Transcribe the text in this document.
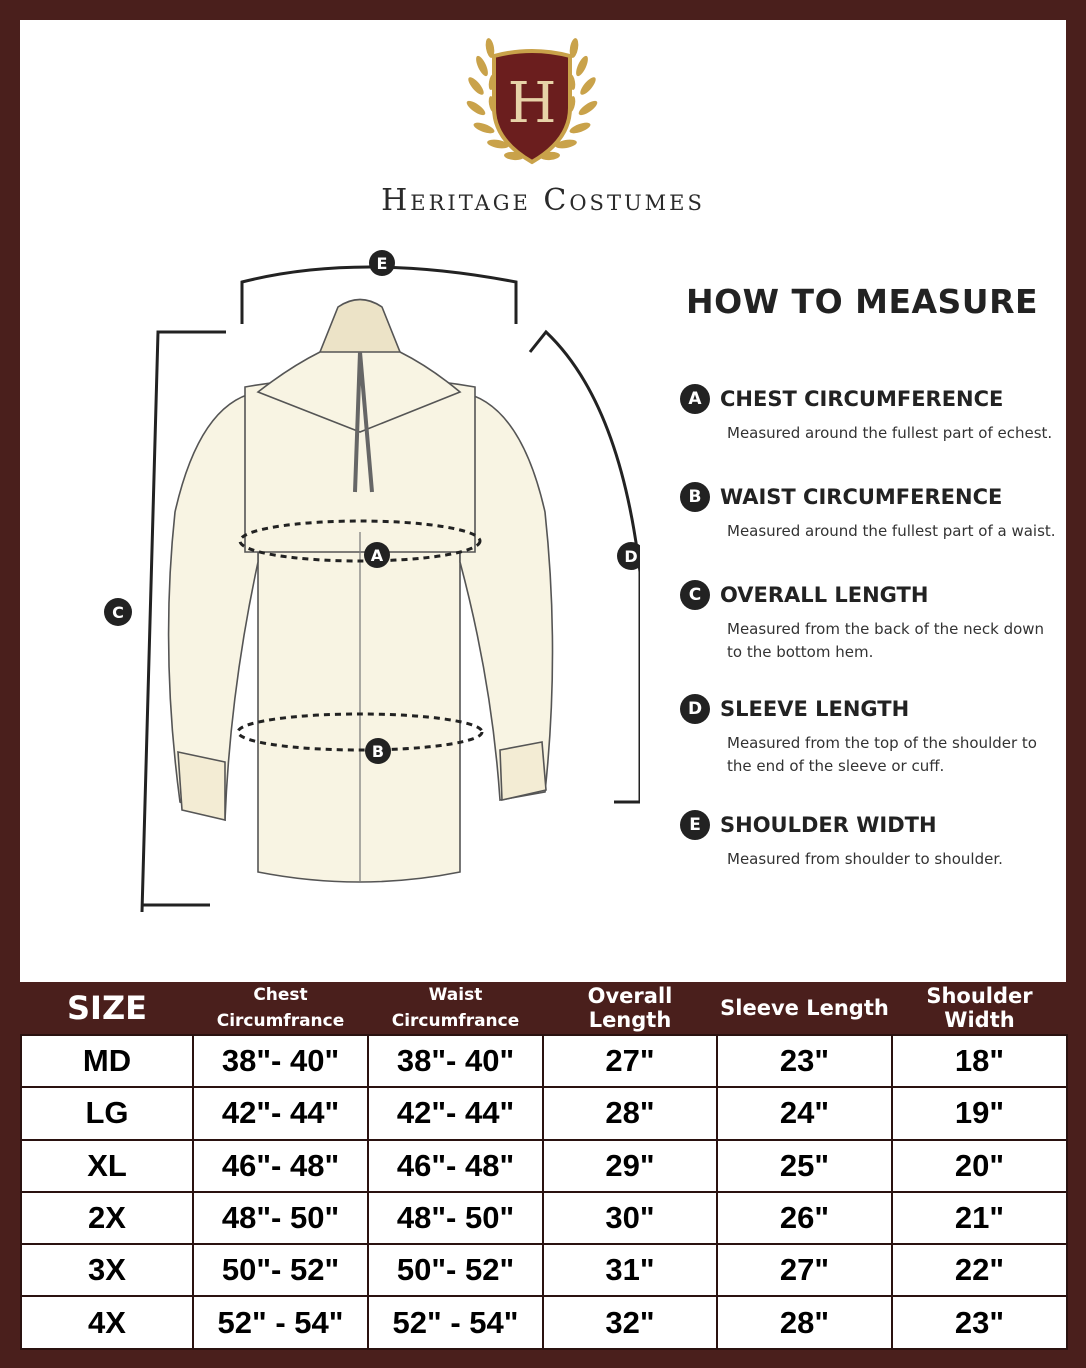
H
Heritage Costumes
E
A
B
C
D
HOW TO MEASURE
A CHEST CIRCUMFERENCE
Measured around the fullest part of echest.
B WAIST CIRCUMFERENCE
Measured around the fullest part of a waist.
C OVERALL LENGTH
Measured from the back of the neck down to the bottom hem.
D SLEEVE LENGTH
Measured from the top of the shoulder to the end of the sleeve or cuff.
E SHOULDER WIDTH
Measured from shoulder to shoulder.
SIZE	Chest Circumfrance	Waist Circumfrance	Overall Length	Sleeve Length	Shoulder Width
MD	38"- 40"	38"- 40"	27"	23"	18"
LG	42"- 44"	42"- 44"	28"	24"	19"
XL	46"- 48"	46"- 48"	29"	25"	20"
2X	48"- 50"	48"- 50"	30"	26"	21"
3X	50"- 52"	50"- 52"	31"	27"	22"
4X	52" - 54"	52" - 54"	32"	28"	23"
